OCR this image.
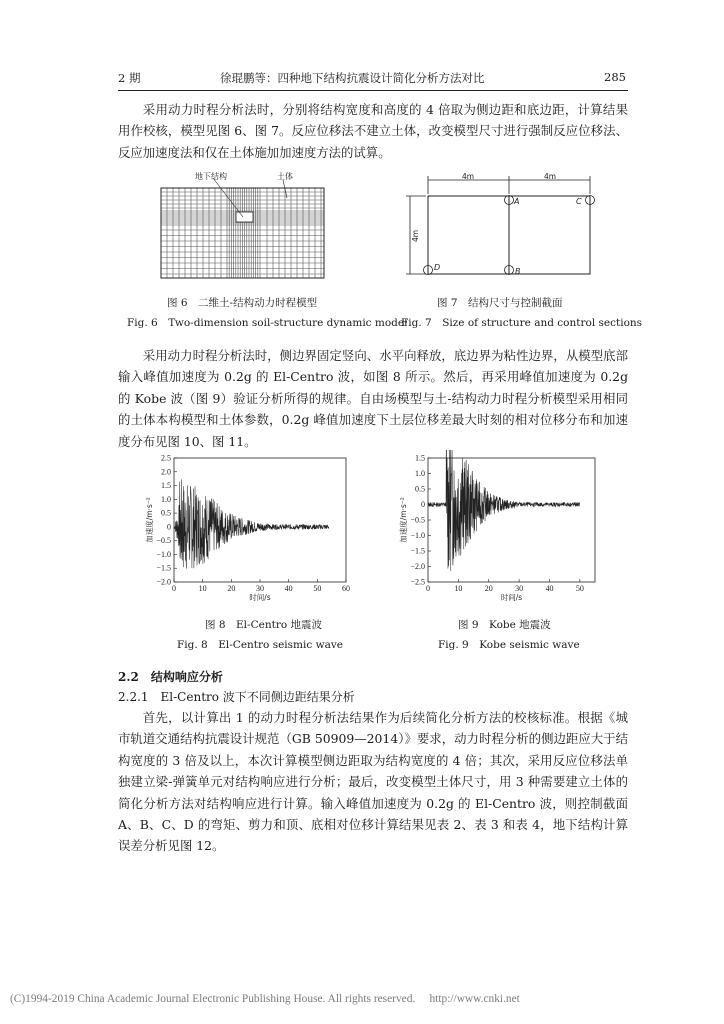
2 期	徐琨鹏等：四种地下结构抗震设计简化分析方法对比	285

采用动力时程分析法时，分别将结构宽度和高度的 4 倍取为侧边距和底边距，计算结果用作校核，模型见图 6、图 7。反应位移法不建立土体，改变模型尺寸进行强制反应位移法、反应加速度法和仅在土体施加加速度方法的试算。

地下结构	土体
图 6　二维土-结构动力时程模型
Fig. 6　Two-dimension soil-structure dynamic model
4m	4m
4m
A	C
D	B
图 7　结构尺寸与控制截面
Fig. 7　Size of structure and control sections

采用动力时程分析法时，侧边界固定竖向、水平向释放，底边界为粘性边界，从模型底部输入峰值加速度为 0.2g 的 El-Centro 波，如图 8 所示。然后，再采用峰值加速度为 0.2g 的 Kobe 波（图 9）验证分析所得的规律。自由场模型与土-结构动力时程分析模型采用相同的土体本构模型和土体参数，0.2g 峰值加速度下土层位移差最大时刻的相对位移分布和加速度分布见图 10、图 11。

2.5
2.0
1.5
1.0
0.5
0
−0.5
−1.0
−1.5
−2.0
0	10	20	30	40	50	60
时间/s
加速度/m·s⁻²
图 8　El-Centro 地震波
Fig. 8　El-Centro seismic wave
1.5
1.0
0.5
0
−0.5
−1.0
−1.5
−2.0
−2.5
0	10	20	30	40	50
时间/s
加速度/m·s⁻²
图 9　Kobe 地震波
Fig. 9　Kobe seismic wave
2.2　结构响应分析
2.2.1　El-Centro 波下不同侧边距结果分析

首先，以计算出 1 的动力时程分析法结果作为后续简化分析方法的校核标准。根据《城市轨道交通结构抗震设计规范（GB 50909—2014）》要求，动力时程分析的侧边距应大于结构宽度的 3 倍及以上，本次计算模型侧边距取为结构宽度的 4 倍；其次，采用反应位移法单独建立梁-弹簧单元对结构响应进行分析；最后，改变模型土体尺寸，用 3 种需要建立土体的简化分析方法对结构响应进行计算。输入峰值加速度为 0.2g 的 El-Centro 波，则控制截面 A、B、C、D 的弯矩、剪力和顶、底相对位移计算结果见表 2、表 3 和表 4，地下结构计算误差分析见图 12。

(C)1994-2019 China Academic Journal Electronic Publishing House. All rights reserved.　 http://www.cnki.net
